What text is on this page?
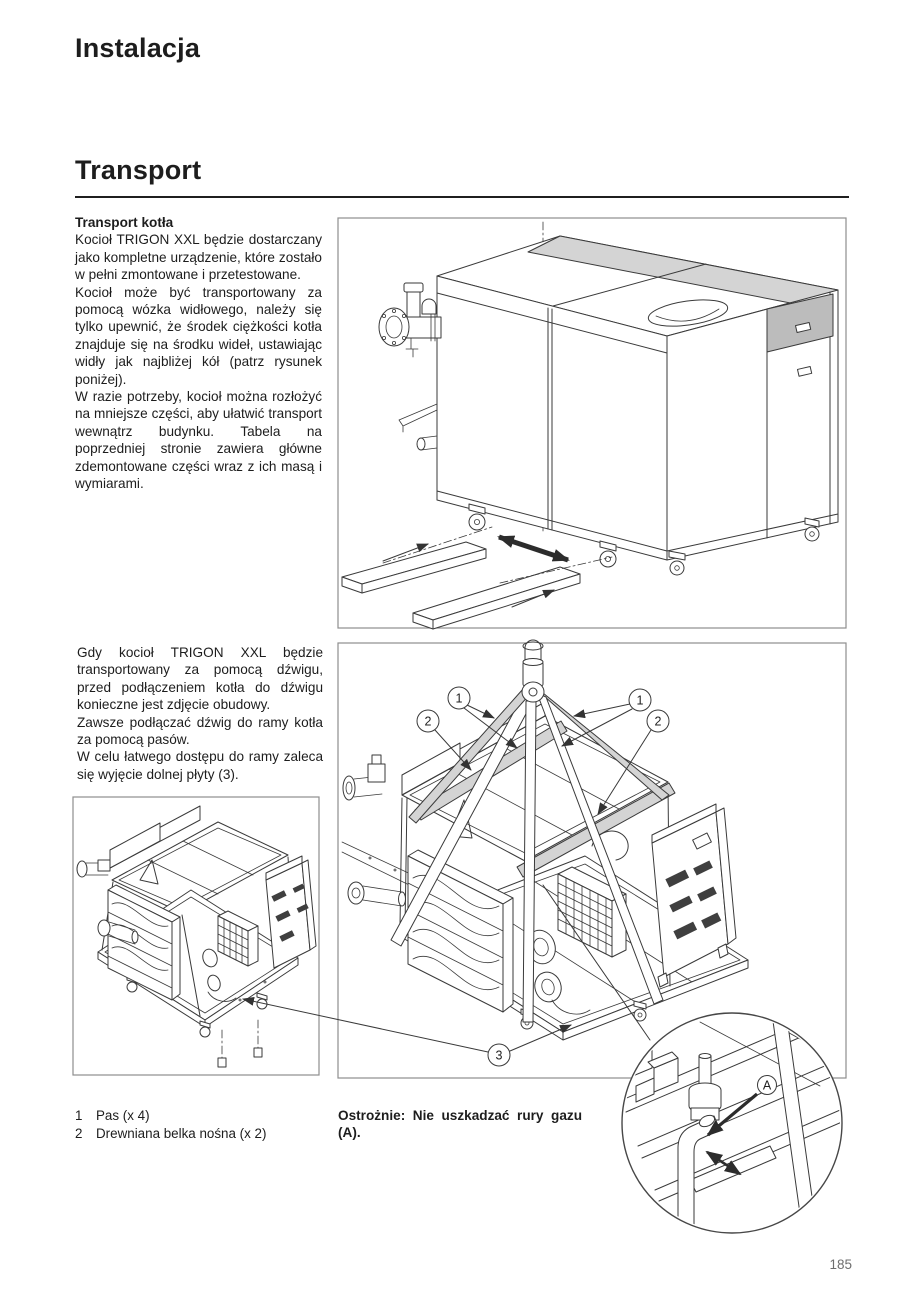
1	1
2	2
3
A
Instalacja
Transport

Transport kotła

Kocioł TRIGON XXL będzie dostarczany jako kompletne urządzenie, które zostało w pełni zmontowane i przetestowane.

Kocioł może być transportowany za pomocą wózka widłowego, należy się tylko upewnić, że środek ciężkości kotła znajduje się na środku wideł, ustawiając widły jak najbliżej kół (patrz rysunek poniżej).

W razie potrzeby, kocioł można rozłożyć na mniejsze części, aby ułatwić transport wewnątrz budynku. Tabela na poprzedniej stronie zawiera główne zdemontowane części wraz z ich masą i wymiarami.

Gdy kocioł TRIGON XXL będzie transportowany za pomocą dźwigu, przed podłączeniem kotła do dźwigu konieczne jest zdjęcie obudowy.

Zawsze podłączać dźwig do ramy kotła za pomocą pasów.

W celu łatwego dostępu do ramy zaleca się wyjęcie dolnej płyty (3).

1	Pas (x 4)
2	Drewniana belka nośna (x 2)
Ostrożnie: Nie uszkadzać rury gazu (A).
185
